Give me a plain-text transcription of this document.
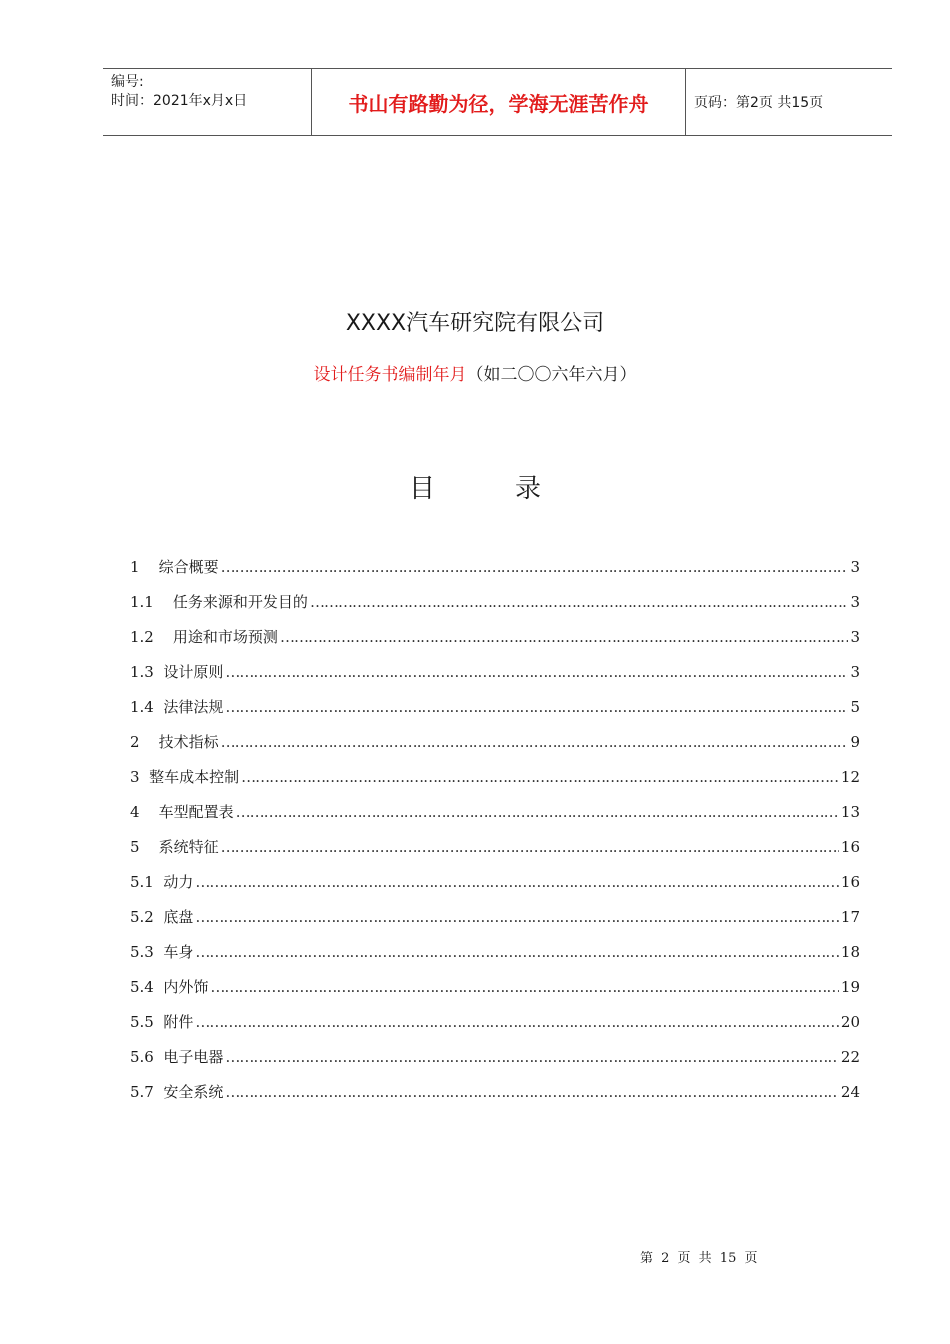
编号:
时间：2021年x月x日	书山有路勤为径，学海无涯苦作舟	页码：第2页 共15页
XXXX汽车研究院有限公司
设计任务书编制年月（如二〇〇六年六月）
目录
1    综合概要 ……………………………………………………………………………………………………………………………………………………………	3
1.1    任务来源和开发目的 ……………………………………………………………………………………………………………………………………………………………	3
1.2    用途和市场预测 ……………………………………………………………………………………………………………………………………………………………	3
1.3  设计原则 ……………………………………………………………………………………………………………………………………………………………	3
1.4  法律法规 ……………………………………………………………………………………………………………………………………………………………	5
2    技术指标 ……………………………………………………………………………………………………………………………………………………………	9
3  整车成本控制 ……………………………………………………………………………………………………………………………………………………………	12
4    车型配置表 ……………………………………………………………………………………………………………………………………………………………	13
5    系统特征 ……………………………………………………………………………………………………………………………………………………………	16
5.1  动力 ……………………………………………………………………………………………………………………………………………………………	16
5.2  底盘 ……………………………………………………………………………………………………………………………………………………………	17
5.3  车身 ……………………………………………………………………………………………………………………………………………………………	18
5.4  内外饰 ……………………………………………………………………………………………………………………………………………………………	19
5.5  附件 ……………………………………………………………………………………………………………………………………………………………	20
5.6  电子电器 ……………………………………………………………………………………………………………………………………………………………	22
5.7  安全系统 ……………………………………………………………………………………………………………………………………………………………	24
第 2 页 共 15 页
